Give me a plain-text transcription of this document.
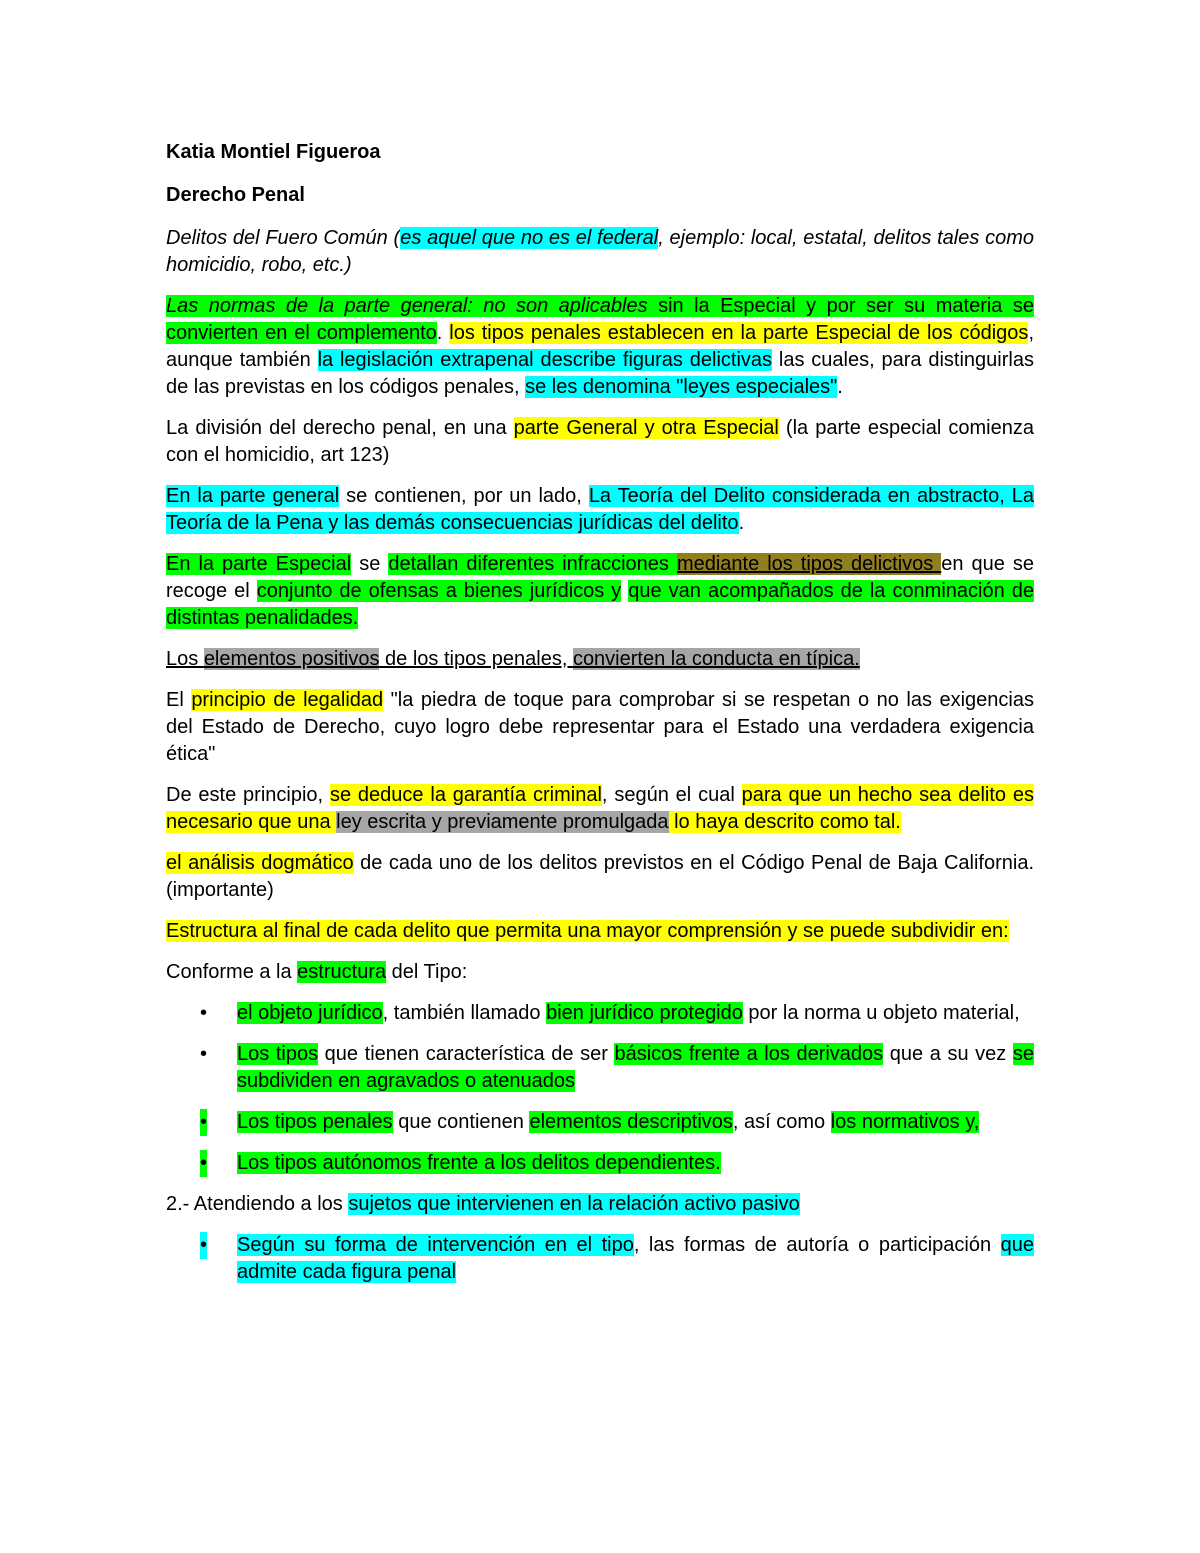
Katia Montiel Figueroa

Derecho Penal

Delitos del Fuero Común (es aquel que no es el federal, ejemplo: local, estatal, delitos tales como homicidio, robo, etc.)

Las normas de la parte general: no son aplicables sin la Especial y por ser su materia se convierten en el complemento. los tipos penales establecen en la parte Especial de los códigos, aunque también la legislación extrapenal describe figuras delictivas las cuales, para distinguirlas de las previstas en los códigos penales, se les denomina "leyes especiales".

La división del derecho penal, en una parte General y otra Especial (la parte especial comienza con el homicidio, art 123)

En la parte general se contienen, por un lado, La Teoría del Delito considerada en abstracto, La Teoría de la Pena y las demás consecuencias jurídicas del delito.

En la parte Especial se detallan diferentes infracciones mediante los tipos delictivos en que se recoge el conjunto de ofensas a bienes jurídicos y que van acompañados de la conminación de distintas penalidades.

Los elementos positivos de los tipos penales, convierten la conducta en típica.

El principio de legalidad "la piedra de toque para comprobar si se respetan o no las exigencias del Estado de Derecho, cuyo logro debe representar para el Estado una verdadera exigencia ética"

De este principio, se deduce la garantía criminal, según el cual para que un hecho sea delito es necesario que una ley escrita y previamente promulgada lo haya descrito como tal.

el análisis dogmático de cada uno de los delitos previstos en el Código Penal de Baja California. (importante)

Estructura al final de cada delito que permita una mayor comprensión y se puede subdividir en:

Conforme a la estructura del Tipo:

• el objeto jurídico, también llamado bien jurídico protegido por la norma u objeto material,
• Los tipos que tienen característica de ser básicos frente a los derivados que a su vez se subdividen en agravados o atenuados
• Los tipos penales que contienen elementos descriptivos, así como los normativos y,
• Los tipos autónomos frente a los delitos dependientes.

2.- Atendiendo a los sujetos que intervienen en la relación activo pasivo

• Según su forma de intervención en el tipo, las formas de autoría o participación que admite cada figura penal
